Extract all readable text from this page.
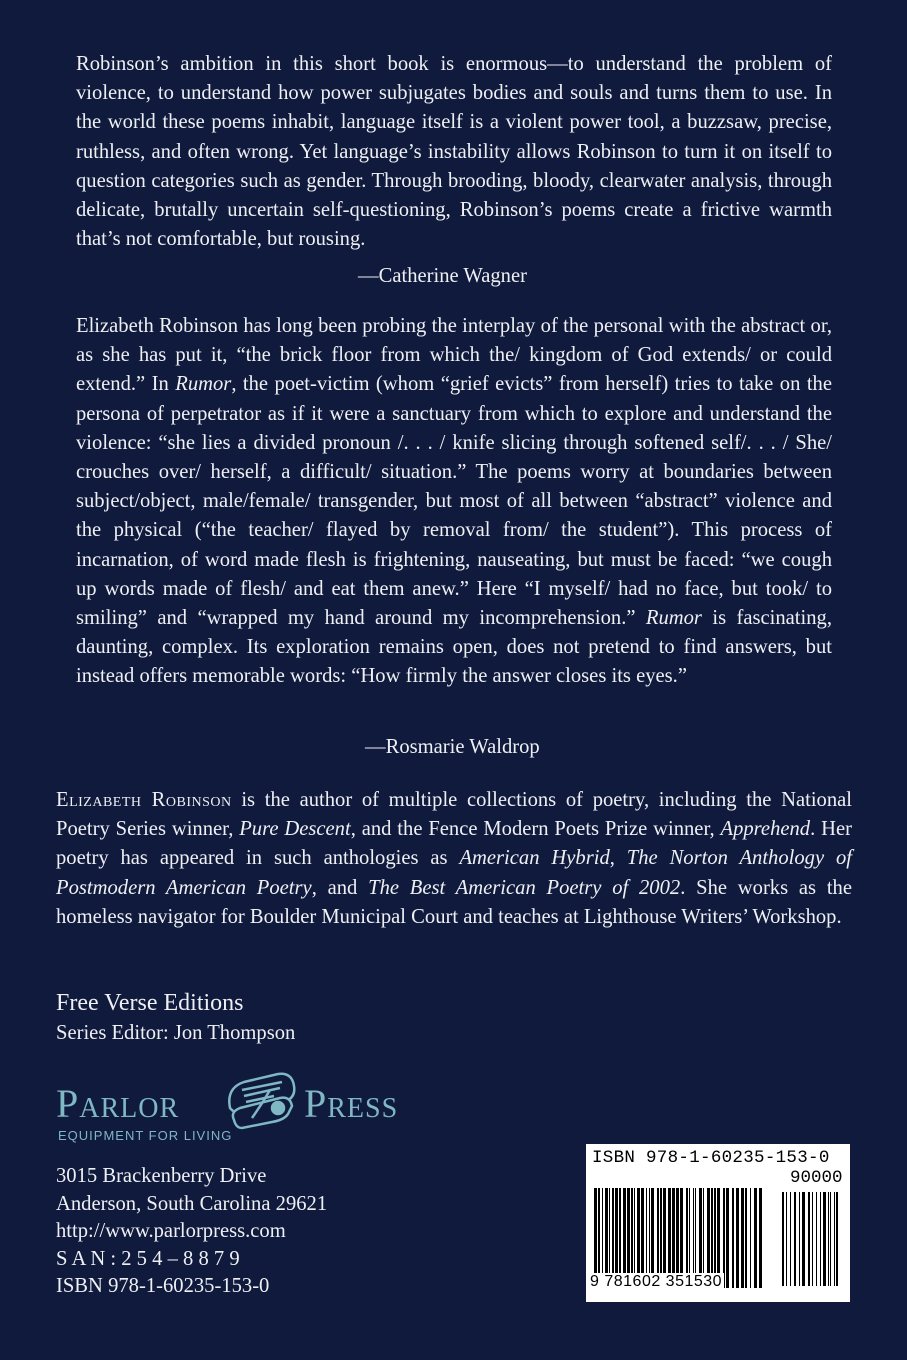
Robinson’s ambition in this short book is enormous—to understand the problem of violence, to understand how power subjugates bodies and souls and turns them to use. In the world these poems inhabit, language itself is a violent power tool, a buzzsaw, precise, ruthless, and often wrong. Yet language’s instability allows Robinson to turn it on itself to question categories such as gender. Through brooding, bloody, clearwater analysis, through delicate, brutally uncertain self-questioning, Robinson’s poems create a frictive warmth that’s not comfortable, but rousing.

—Catherine Wagner

Elizabeth Robinson has long been probing the interplay of the personal with the abstract or, as she has put it, “the brick floor from which the/ kingdom of God extends/ or could extend.” In Rumor, the poet-victim (whom “grief evicts” from herself) tries to take on the persona of perpetrator as if it were a sanctuary from which to explore and understand the violence: “she lies a divided pronoun /. . . / knife slicing through softened self/. . . / She/ crouches over/ herself, a difficult/ situation.” The poems worry at boundaries between subject/object, male/female/ transgender, but most of all between “abstract” violence and the physical (“the teacher/ flayed by removal from/ the student”). This process of incarnation, of word made flesh is frightening, nauseating, but must be faced: “we cough up words made of flesh/ and eat them anew.” Here “I myself/ had no face, but took/ to smiling” and “wrapped my hand around my incomprehension.” Rumor is fascinating, daunting, complex. Its exploration remains open, does not pretend to find answers, but instead offers memorable words: “How firmly the answer closes its eyes.”

—Rosmarie Waldrop

Elizabeth Robinson is the author of multiple collections of poetry, including the National Poetry Series winner, Pure Descent, and the Fence Modern Poets Prize winner, Apprehend. Her poetry has appeared in such anthologies as American Hybrid, The Norton Anthology of Postmodern American Poetry, and The Best American Poetry of 2002. She works as the homeless navigator for Boulder Municipal Court and teaches at Lighthouse Writers’ Workshop.

Free Verse Editions
Series Editor: Jon Thompson
Parlor	Press
EQUIPMENT FOR LIVING
3015 Brackenberry Drive
Anderson, South Carolina 29621
http://www.parlorpress.com
S A N : 2 5 4 – 8 8 7 9
ISBN 978-1-60235-153-0
ISBN 978-1-60235-153-0
90000
9 781602 351530
